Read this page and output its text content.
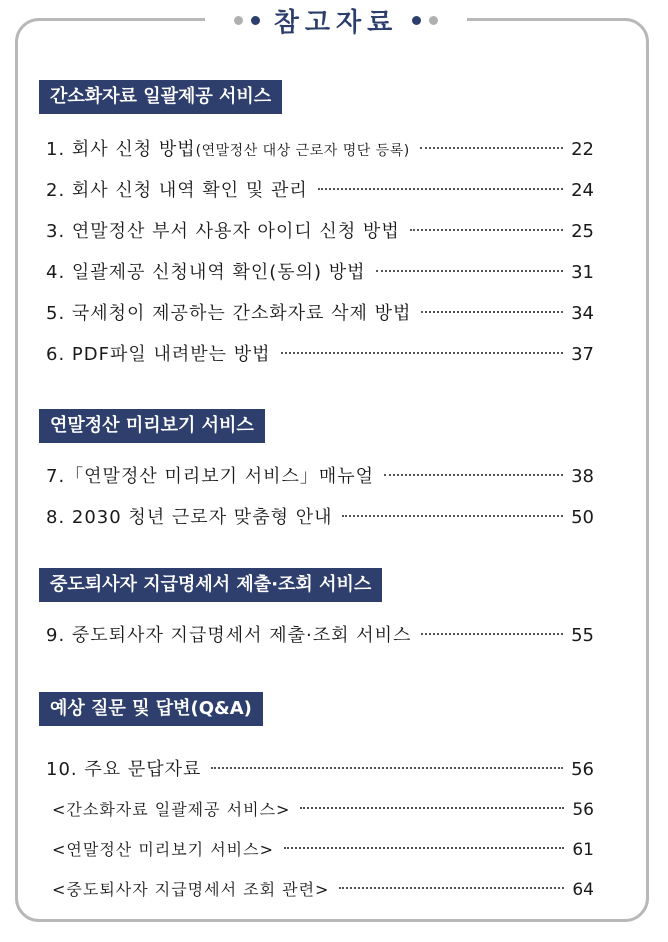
참고자료
간소화자료 일괄제공 서비스
1. 회사 신청 방법(연말정산 대상 근로자 명단 등록)	22
2. 회사 신청 내역 확인 및 관리	24
3. 연말정산 부서 사용자 아이디 신청 방법	25
4. 일괄제공 신청내역 확인(동의) 방법	31
5. 국세청이 제공하는 간소화자료 삭제 방법	34
6. PDF파일 내려받는 방법	37
연말정산 미리보기 서비스
7.「연말정산 미리보기 서비스」매뉴얼	38
8. 2030 청년 근로자 맞춤형 안내	50
중도퇴사자 지급명세서 제출·조회 서비스
9. 중도퇴사자 지급명세서 제출·조회 서비스	55
예상 질문 및 답변(Q&A)
10. 주요 문답자료	56
<간소화자료 일괄제공 서비스>	56
<연말정산 미리보기 서비스>	61
<중도퇴사자 지급명세서 조회 관련>	64
